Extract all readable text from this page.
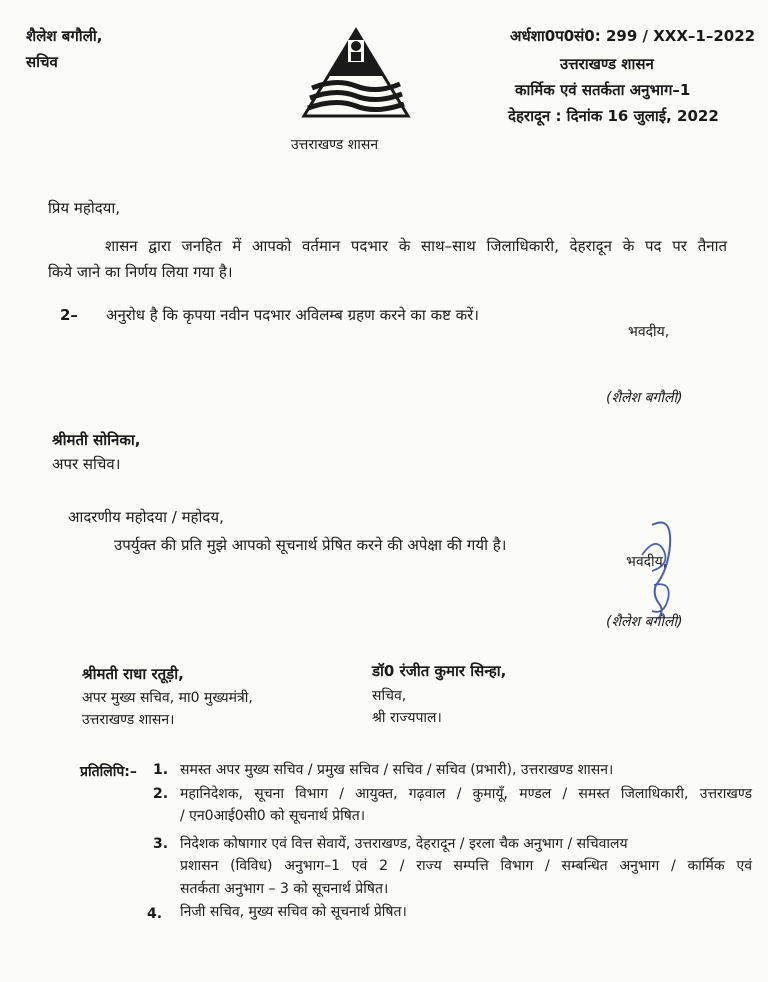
शैलेश बगौली,
सचिव
उत्तराखण्ड शासन
अर्धशा0प0सं0: 299 / XXX–1–2022
उत्तराखण्ड शासन
कार्मिक एवं सतर्कता अनुभाग–1
देहरादून : दिनांक 16 जुलाई, 2022
प्रिय महोदया,
शासन द्वारा जनहित में आपको वर्तमान पदभार के साथ–साथ जिलाधिकारी, देहरादून के पद पर तैनात
किये जाने का निर्णय लिया गया है।
2– अनुरोध है कि कृपया नवीन पदभार अविलम्ब ग्रहण करने का कष्ट करें।
भवदीय,
(शैलेश बगौली)
श्रीमती सोनिका,
अपर सचिव।
आदरणीय महोदया / महोदय,
उपर्युक्त की प्रति मुझे आपको सूचनार्थ प्रेषित करने की अपेक्षा की गयी है।
भवदीय,
(शैलेश बगौली)
श्रीमती राधा रतूड़ी,
अपर मुख्य सचिव, मा0 मुख्यमंत्री,
उत्तराखण्ड शासन।
डॉ0 रंजीत कुमार सिन्हा,
सचिव,
श्री राज्यपाल।
प्रतिलिपि:– 1. समस्त अपर मुख्य सचिव / प्रमुख सचिव / सचिव / सचिव (प्रभारी), उत्तराखण्ड शासन।
2. महानिदेशक, सूचना विभाग / आयुक्त, गढ़वाल / कुमायूँ, मण्डल / समस्त जिलाधिकारी, उत्तराखण्ड
/ एन0आई0सी0 को सूचनार्थ प्रेषित।
3. निदेशक कोषागार एवं वित्त सेवायें, उत्तराखण्ड, देहरादून / इरला चैक अनुभाग / सचिवालय
प्रशासन (विविध) अनुभाग–1 एवं 2 / राज्य सम्पत्ति विभाग / सम्बन्धित अनुभाग / कार्मिक एवं
सतर्कता अनुभाग – 3 को सूचनार्थ प्रेषित।
4. निजी सचिव, मुख्य सचिव को सूचनार्थ प्रेषित।
